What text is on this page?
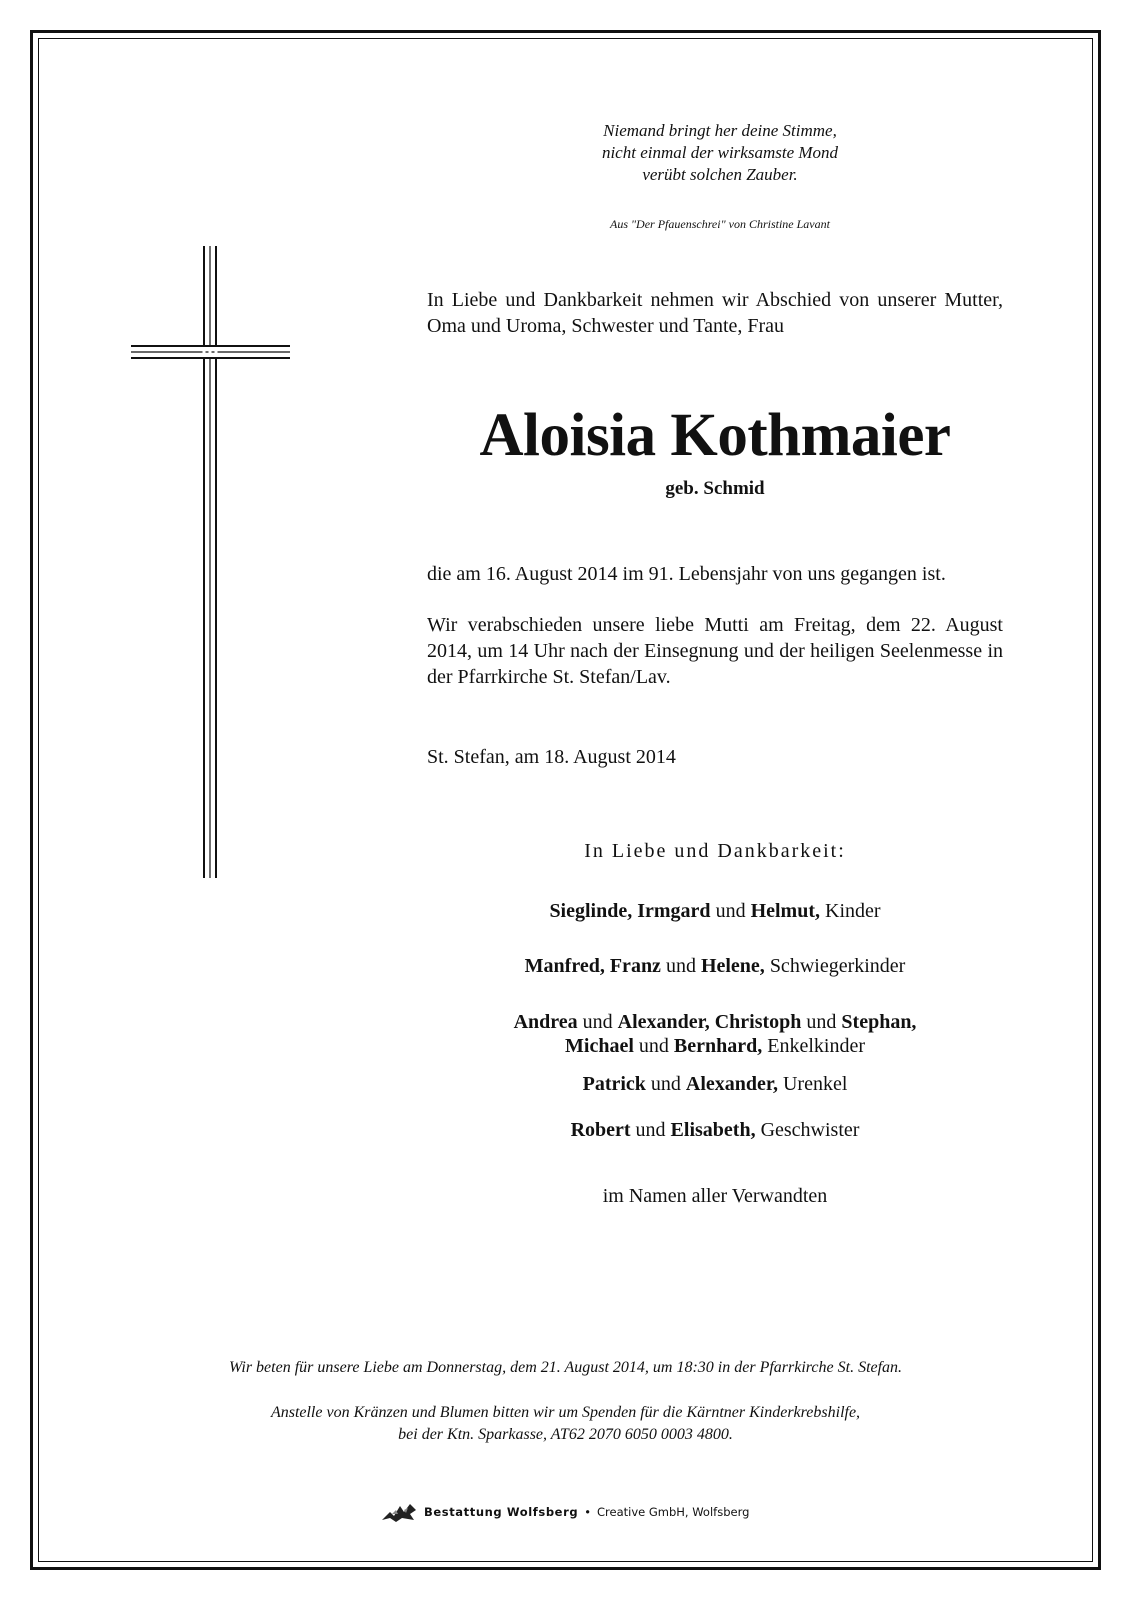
Niemand bringt her deine Stimme,
nicht einmal der wirksamste Mond
verübt solchen Zauber.
Aus "Der Pfauenschrei" von Christine Lavant
In Liebe und Dankbarkeit nehmen wir Abschied von unserer Mutter, Oma und Uroma, Schwester und Tante, Frau
Aloisia Kothmaier
geb. Schmid
die am 16. August 2014 im 91. Lebensjahr von uns gegangen ist.
Wir verabschieden unsere liebe Mutti am Freitag, dem 22. August 2014, um 14 Uhr nach der Einsegnung und der heiligen Seelenmesse in der Pfarrkirche St. Stefan/Lav.
St. Stefan, am 18. August 2014
In Liebe und Dankbarkeit:
Sieglinde, Irmgard und Helmut, Kinder
Manfred, Franz und Helene, Schwiegerkinder
Andrea und Alexander, Christoph und Stephan,
Michael und Bernhard, Enkelkinder
Patrick und Alexander, Urenkel
Robert und Elisabeth, Geschwister
im Namen aller Verwandten
Wir beten für unsere Liebe am Donnerstag, dem 21. August 2014, um 18:30 in der Pfarrkirche St. Stefan.
Anstelle von Kränzen und Blumen bitten wir um Spenden für die Kärntner Kinderkrebshilfe,
bei der Ktn. Sparkasse, AT62 2070 6050 0003 4800.
Bestattung Wolfsberg • Creative GmbH, Wolfsberg
